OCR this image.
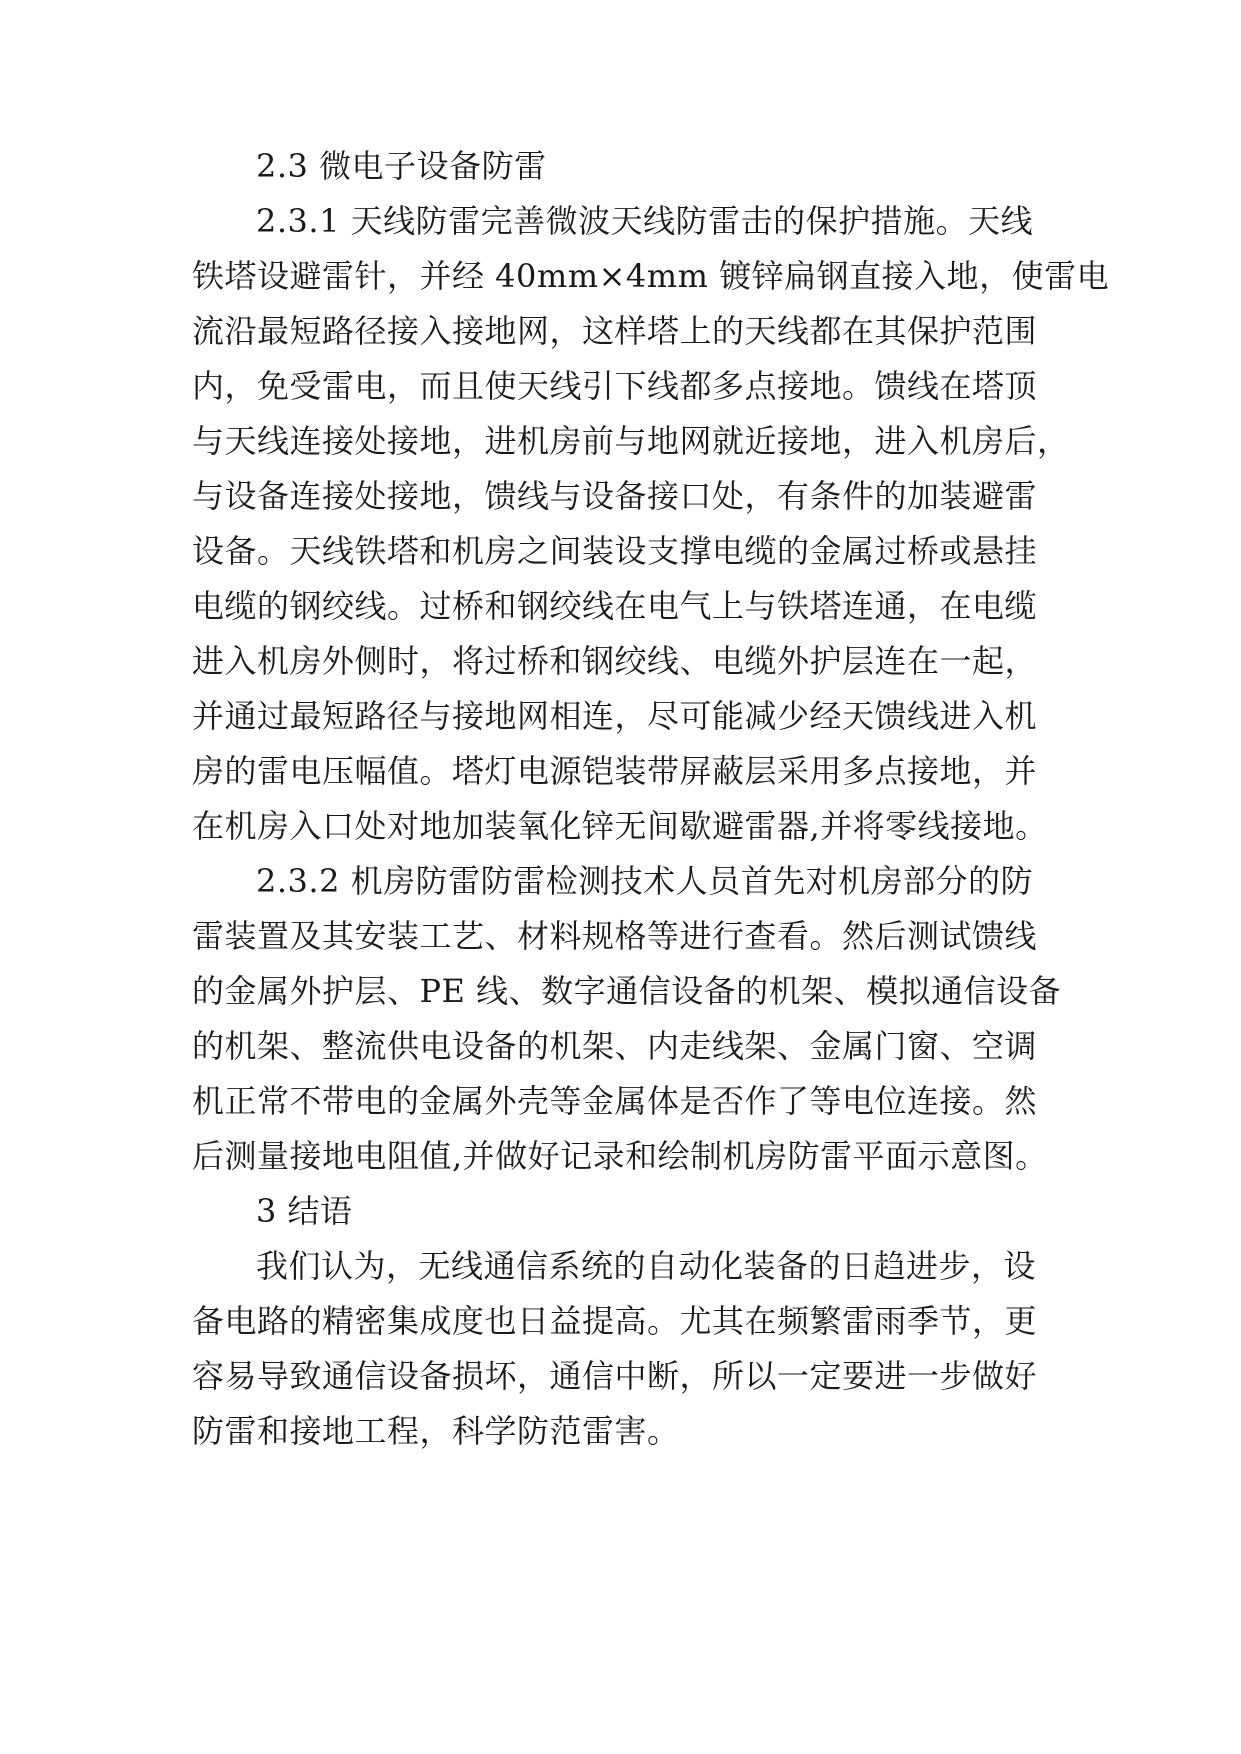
2.3 微电子设备防雷
2.3.1 天线防雷完善微波天线防雷击的保护措施。天线
铁塔设避雷针，并经 40mm×4mm 镀锌扁钢直接入地，使雷电
流沿最短路径接入接地网，这样塔上的天线都在其保护范围
内，免受雷电，而且使天线引下线都多点接地。馈线在塔顶
与天线连接处接地，进机房前与地网就近接地，进入机房后，
与设备连接处接地，馈线与设备接口处，有条件的加装避雷
设备。天线铁塔和机房之间装设支撑电缆的金属过桥或悬挂
电缆的钢绞线。过桥和钢绞线在电气上与铁塔连通，在电缆
进入机房外侧时，将过桥和钢绞线、电缆外护层连在一起，
并通过最短路径与接地网相连，尽可能减少经天馈线进入机
房的雷电压幅值。塔灯电源铠装带屏蔽层采用多点接地，并
在机房入口处对地加装氧化锌无间歇避雷器,并将零线接地。
2.3.2 机房防雷防雷检测技术人员首先对机房部分的防
雷装置及其安装工艺、材料规格等进行查看。然后测试馈线
的金属外护层、PE 线、数字通信设备的机架、模拟通信设备
的机架、整流供电设备的机架、内走线架、金属门窗、空调
机正常不带电的金属外壳等金属体是否作了等电位连接。然
后测量接地电阻值,并做好记录和绘制机房防雷平面示意图。
3 结语
我们认为，无线通信系统的自动化装备的日趋进步，设
备电路的精密集成度也日益提高。尤其在频繁雷雨季节，更
容易导致通信设备损坏，通信中断，所以一定要进一步做好
防雷和接地工程，科学防范雷害。
